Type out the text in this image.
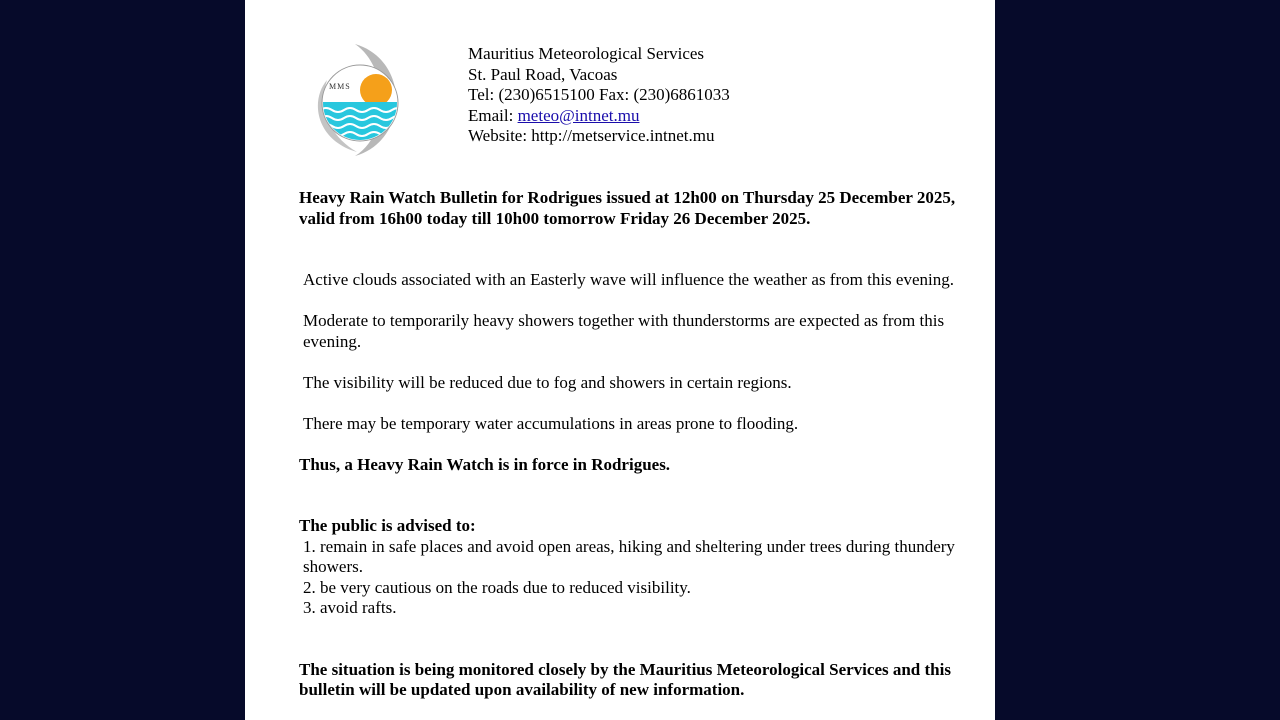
MMS
Mauritius Meteorological Services
St. Paul Road, Vacoas
Tel: (230)6515100 Fax: (230)6861033
Email: meteo@intnet.mu
Website: http://metservice.intnet.mu

Heavy Rain Watch Bulletin for Rodrigues issued at 12h00 on Thursday 25 December 2025, valid from 16h00 today till 10h00 tomorrow Friday 26 December 2025.

Active clouds associated with an Easterly wave will influence the weather as from this evening.

Moderate to temporarily heavy showers together with thunderstorms are expected as from this evening.

The visibility will be reduced due to fog and showers in certain regions.

There may be temporary water accumulations in areas prone to flooding.

Thus, a Heavy Rain Watch is in force in Rodrigues.

The public is advised to:

1. remain in safe places and avoid open areas, hiking and sheltering under trees during thundery showers.

2. be very cautious on the roads due to reduced visibility.

3. avoid rafts.

The situation is being monitored closely by the Mauritius Meteorological Services and this bulletin will be updated upon availability of new information.
